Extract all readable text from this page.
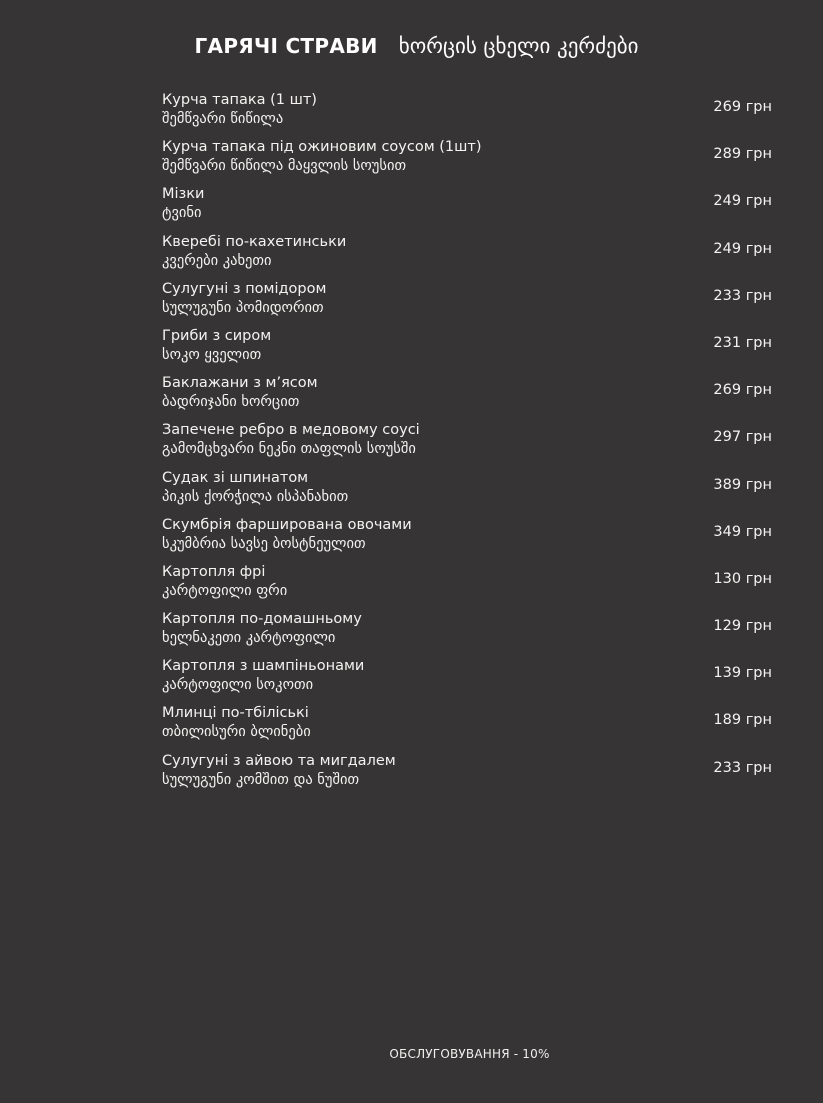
ГАРЯЧІ СТРАВИ ხორცის ცხელი კერძები
Курча тапака (1 шт)
შემწვარი წიწილა
269 грн
Курча тапака під ожиновим соусом (1шт)
შემწვარი წიწილა მაყვლის სოუსით
289 грн
Мізки
ტვინი
249 грн
Кверебі по-кахетинськи
კვერები კახეთი
249 грн
Сулугуні з помідором
სულუგუნი პომიდორით
233 грн
Гриби з сиром
სოკო ყველით
231 грн
Баклажани з м’ясом
ბადრიჯანი ხორცით
269 грн
Запечене ребро в медовому соусі
გამომცხვარი ნეკნი თაფლის სოუსში
297 грн
Судак зі шпинатом
პიკის ქორჭილა ისპანახით
389 грн
Скумбрія фарширована овочами
სკუმბრია სავსე ბოსტნეულით
349 грн
Картопля фрі
კარტოფილი ფრი
130 грн
Картопля по-домашньому
ხელნაკეთი კარტოფილი
129 грн
Картопля з шампіньонами
კარტოფილი სოკოთი
139 грн
Млинці по-тбіліські
თბილისური ბლინები
189 грн
Сулугуні з айвою та мигдалем
სულუგუნი კომშით და ნუშით
233 грн
ОБСЛУГОВУВАННЯ - 10%
